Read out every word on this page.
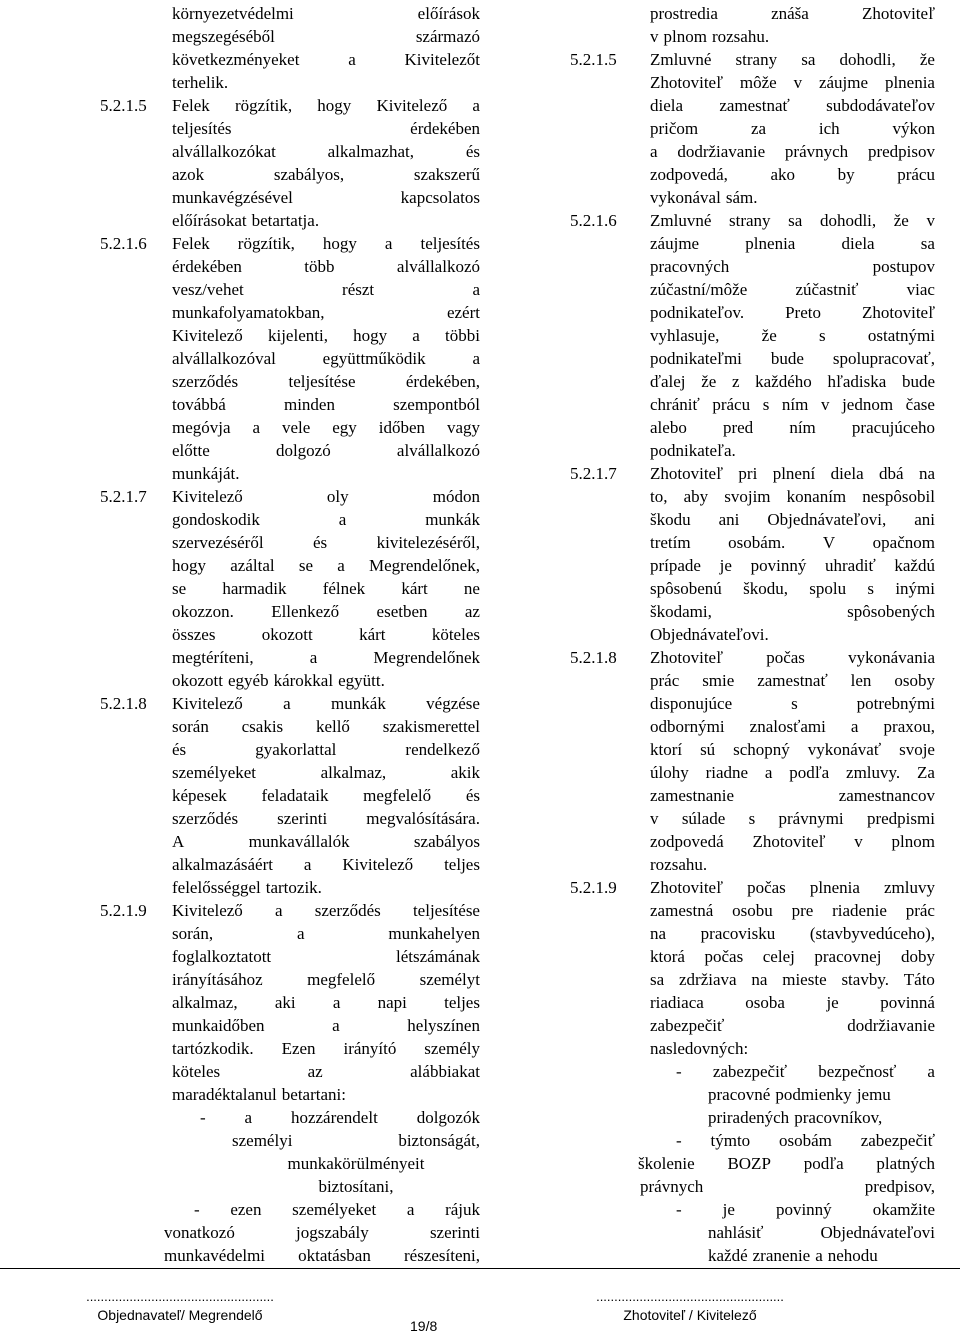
környezetvédelmi	előírások
megszegéséből	származó
következményeket	a	Kivitelezőt
terhelik.
5.2.1.5	Felek rögzítik, hogy Kivitelező a
teljesítés	érdekében
alvállalkozókat	alkalmazhat,	és
azok	szabályos,	szakszerű
munkavégzésével	kapcsolatos
előírásokat betartatja.
5.2.1.6	Felek rögzítik, hogy a teljesítés
érdekében	több	alvállalkozó
vesz/vehet	részt	a
munkafolyamatokban,	ezért
Kivitelező kijelenti, hogy a többi
alvállalkozóval	együttműködik	a
szerződés	teljesítése	érdekében,
továbbá	minden	szempontból
megóvja a vele egy időben vagy
előtte	dolgozó	alvállalkozó
munkáját.
5.2.1.7	Kivitelező	oly	módon
gondoskodik	a	munkák
szervezéséről	és	kivitelezéséről,
hogy azáltal se a Megrendelőnek,
se harmadik félnek kárt ne
okozzon. Ellenkező esetben az
összes	okozott	kárt	köteles
megtéríteni,	a	Megrendelőnek
okozott egyéb károkkal együtt.
5.2.1.8	Kivitelező a munkák végzése
során csakis kellő szakismerettel
és	gyakorlattal	rendelkező
személyeket	alkalmaz,	akik
képesek feladataik megfelelő és
szerződés szerinti megvalósítására.
A	munkavállalók	szabályos
alkalmazásáért a Kivitelező teljes
felelősséggel tartozik.
5.2.1.9	Kivitelező a szerződés teljesítése
során,	a	munkahelyen
foglalkoztatott	létszámának
irányításához	megfelelő	személyt
alkalmaz, aki a napi teljes
munkaidőben	a	helyszínen
tartózkodik. Ezen irányító személy
köteles	az	alábbiakat
maradéktalanul betartani:
- a hozzárendelt dolgozók
személyi	biztonságát,
munkakörülményeit
biztosítani,
- ezen személyeket a rájuk
vonatkozó	jogszabály	szerinti
munkavédelmi oktatásban részesíteni,
prostredia	znáša	Zhotoviteľ
v plnom rozsahu.
5.2.1.5	Zmluvné strany sa dohodli, že
Zhotoviteľ môže v záujme plnenia
diela zamestnať subdodávateľov
pričom	za	ich	výkon
a dodržiavanie právnych predpisov
zodpovedá,	ako	by	prácu
vykonával sám.
5.2.1.6	Zmluvné strany sa dohodli, že v
záujme	plnenia	diela	sa
pracovných	postupov
zúčastní/môže	zúčastniť	viac
podnikateľov. Preto Zhotoviteľ
vyhlasuje, že s ostatnými
podnikateľmi bude spolupracovať,
ďalej že z každého hľadiska bude
chrániť prácu s ním v jednom čase
alebo pred ním pracujúceho
podnikateľa.
5.2.1.7	Zhotoviteľ pri plnení diela dbá na
to, aby svojim konaním nespôsobil
škodu ani Objednávateľovi, ani
tretím osobám. V opačnom
prípade je povinný uhradiť každú
spôsobenú škodu, spolu s inými
škodami,	spôsobených
Objednávateľovi.
5.2.1.8	Zhotoviteľ	počas	vykonávania
prác smie zamestnať len osoby
disponujúce	s	potrebnými
odbornými znalosťami a praxou,
ktorí sú schopný vykonávať svoje
úlohy riadne a podľa zmluvy. Za
zamestnanie	zamestnancov
v súlade s právnymi predpismi
zodpovedá Zhotoviteľ v plnom
rozsahu.
5.2.1.9	Zhotoviteľ počas plnenia zmluvy
zamestná osobu pre riadenie prác
na pracovisku (stavbyvedúceho),
ktorá počas celej pracovnej doby
sa zdržiava na mieste stavby. Táto
riadiaca osoba je povinná
zabezpečiť	dodržiavanie
nasledovných:
- zabezpečiť bezpečnosť a
pracovné podmienky jemu
priradených pracovníkov,
- týmto osobám zabezpečiť
školenie BOZP podľa platných
právnych	predpisov,
- je povinný okamžite
nahlásiť	Objednávateľovi
každé zranenie a nehodu
....................................................
Objednavateľ/ Megrendelő
....................................................
Zhotoviteľ / Kivitelező
19/8
